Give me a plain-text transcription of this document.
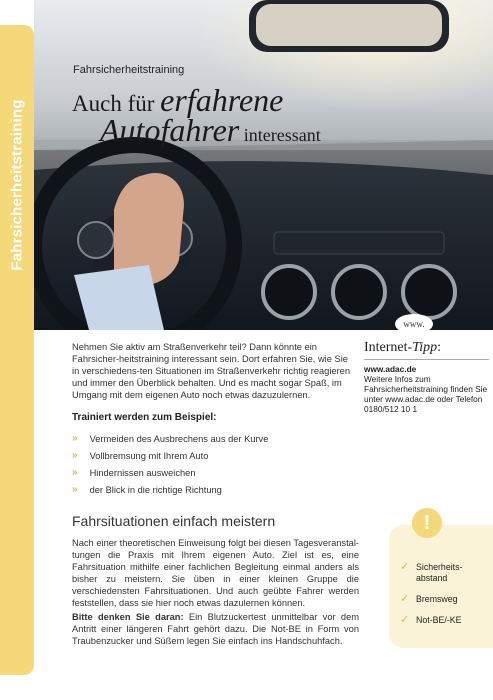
Fahrsicherheitstraining
Fahrsicherheitstraining
Auch für erfahrene
Autofahrer interessant
www.
Nehmen Sie aktiv am Straßenverkehr teil? Dann könnte ein Fahrsicher-heitstraining interessant sein. Dort erfahren Sie, wie Sie in verschiedens-ten Situationen im Straßenverkehr richtig reagieren und immer den Überblick behalten. Und es macht sogar Spaß, im Umgang mit dem eigenen Auto noch etwas dazuzulernen.
Internet-Tipp:
www.adac.de
Weitere Infos zum Fahrsicherheitstraining finden Sie unter www.adac.de oder Telefon 0180/512 10 1
Trainiert werden zum Beispiel:
» Vermeiden des Ausbrechens aus der Kurve
» Vollbremsung mit Ihrem Auto
» Hindernissen ausweichen
» der Blick in die richtige Richtung
Fahrsituationen einfach meistern
Nach einer theoretischen Einweisung folgt bei diesen Tagesveranstal-tungen die Praxis mit Ihrem eigenen Auto. Ziel ist es, eine Fahrsituation mithilfe einer fachlichen Begleitung einmal anders als bisher zu meistern. Sie üben in einer kleinen Gruppe die verschiedensten Fahrsituationen. Und auch geübte Fahrer werden feststellen, dass sie hier noch etwas dazulernen können.
Bitte denken Sie daran: Ein Blutzuckertest unmittelbar vor dem Antritt einer längeren Fahrt gehört dazu. Die Not-BE in Form von Traubenzucker und Süßem legen Sie einfach ins Handschuhfach.
!
✓ Sicherheits-abstand
✓ Bremsweg
✓ Not-BE/-KE
